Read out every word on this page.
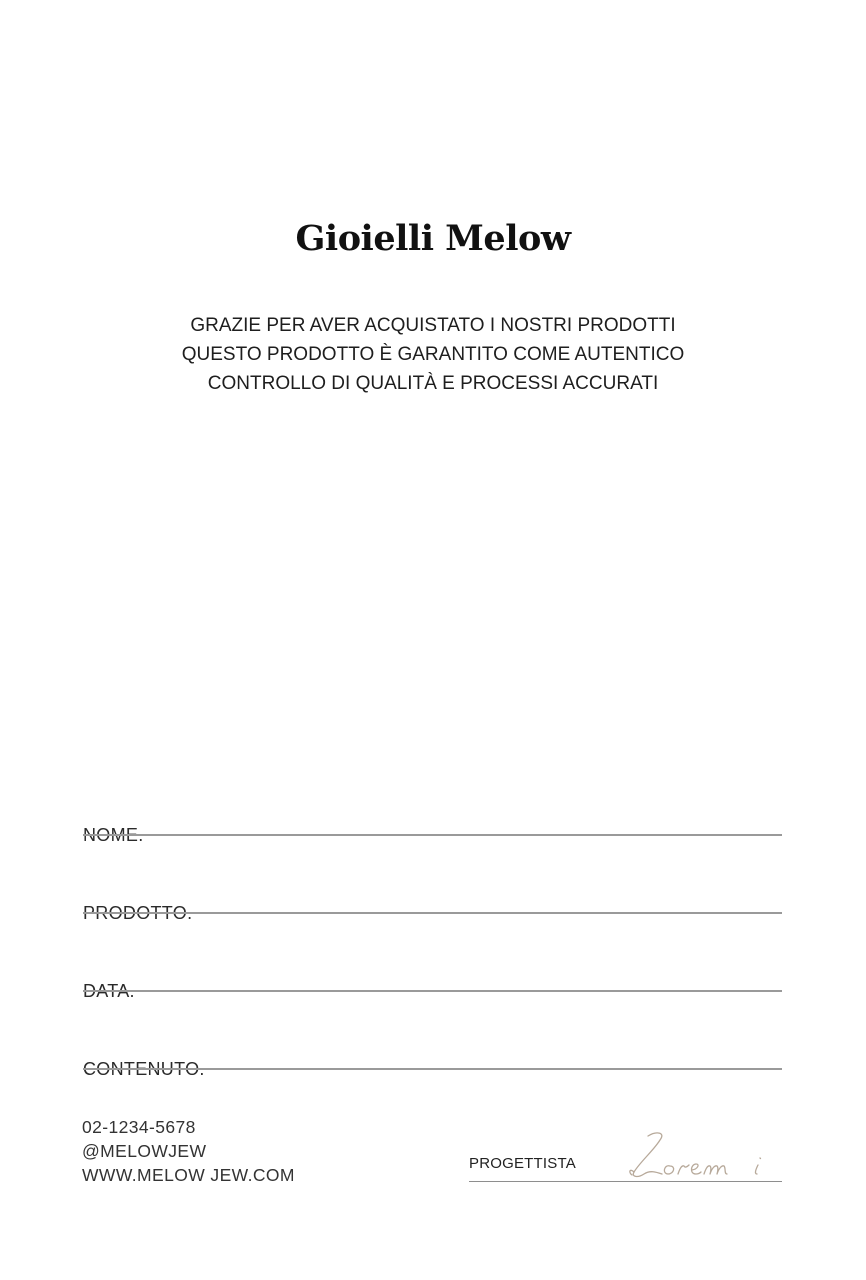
Gioielli Melow
GRAZIE PER AVER ACQUISTATO I NOSTRI PRODOTTI
QUESTO PRODOTTO È GARANTITO COME AUTENTICO
CONTROLLO DI QUALITÀ E PROCESSI ACCURATI
NOME.
PRODOTTO.
DATA.
CONTENUTO.
02-1234-5678
@MELOWJEW
WWW.MELOW JEW.COM
PROGETTISTA
